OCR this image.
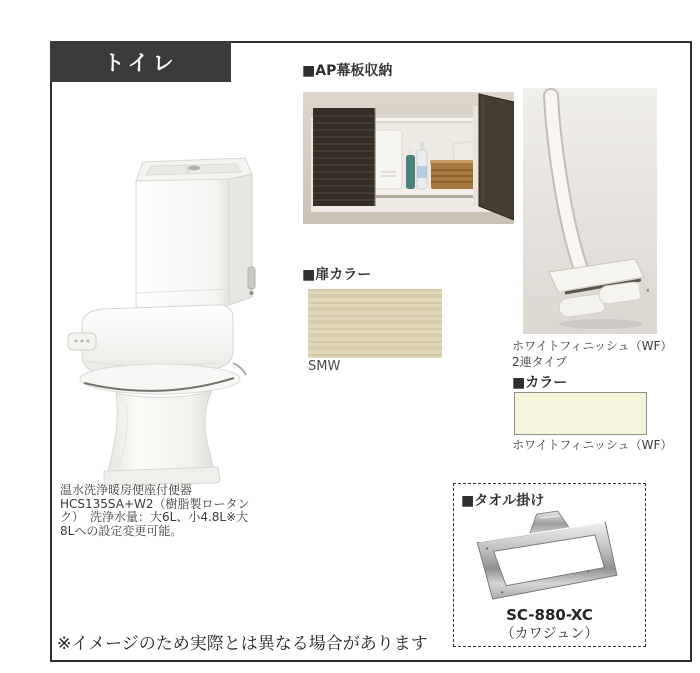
トイレ
温水洗浄暖房便座付便器
HCS135SA+W2（樹脂製ロータン
ク）　洗浄水量：大6L、小4.8L※大
8Lへの設定変更可能。
■AP幕板収納
■扉カラー
SMW
ホワイトフィニッシュ（WF）
2連タイプ
■カラー
ホワイトフィニッシュ（WF）
■タオル掛け
SC-880-XC
（カワジュン）
※イメージのため実際とは異なる場合があります
